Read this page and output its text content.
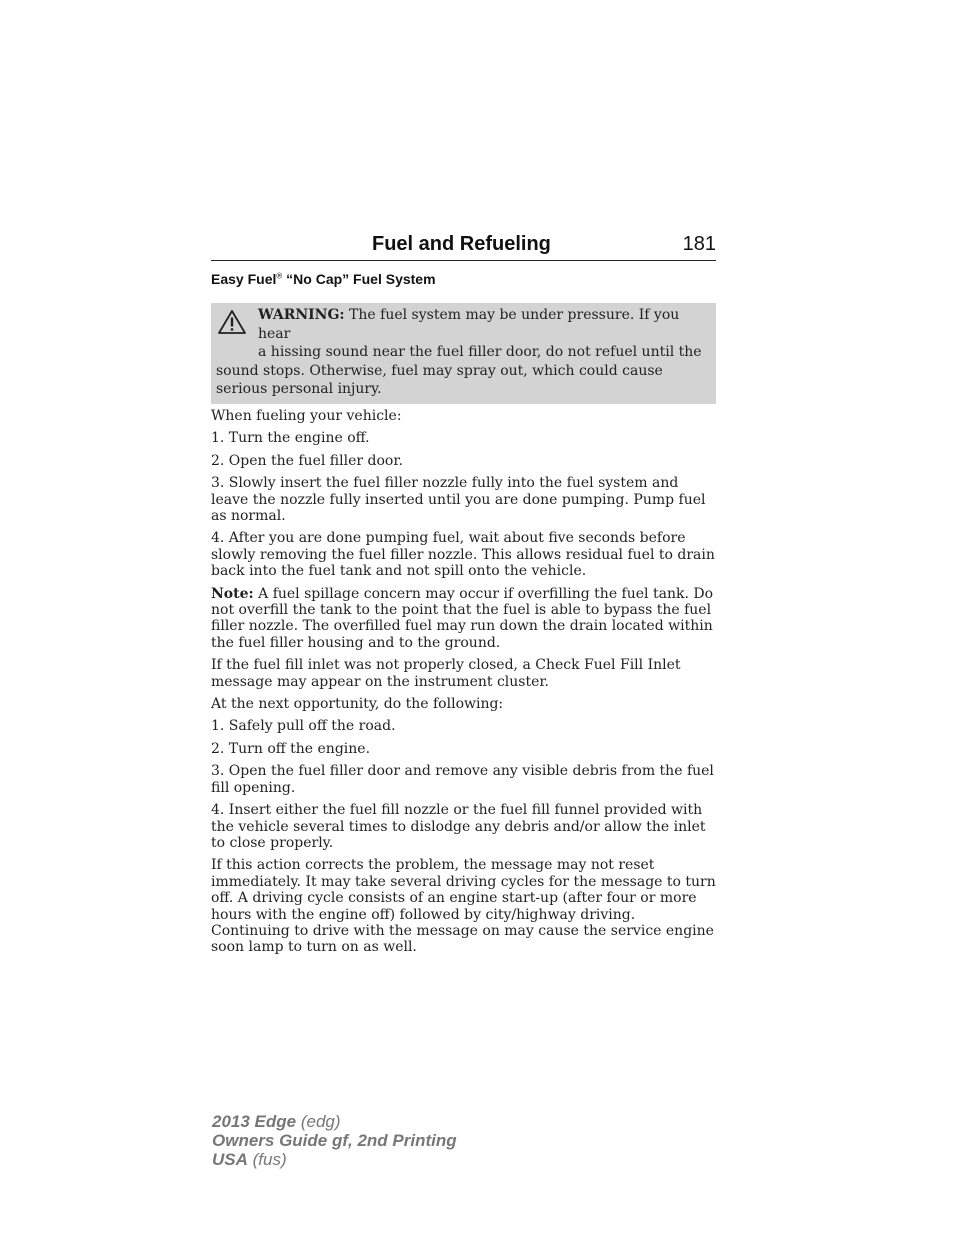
Fuel and Refueling	181
Easy Fuel® “No Cap” Fuel System
WARNING: The fuel system may be under pressure. If you hear
a hissing sound near the fuel filler door, do not refuel until the sound stops. Otherwise, fuel may spray out, which could cause serious personal injury.

When fueling your vehicle:

1. Turn the engine off.

2. Open the fuel filler door.

3. Slowly insert the fuel filler nozzle fully into the fuel system and leave the nozzle fully inserted until you are done pumping. Pump fuel as normal.

4. After you are done pumping fuel, wait about five seconds before slowly removing the fuel filler nozzle. This allows residual fuel to drain back into the fuel tank and not spill onto the vehicle.

Note: A fuel spillage concern may occur if overfilling the fuel tank. Do not overfill the tank to the point that the fuel is able to bypass the fuel filler nozzle. The overfilled fuel may run down the drain located within the fuel filler housing and to the ground.

If the fuel fill inlet was not properly closed, a Check Fuel Fill Inlet message may appear on the instrument cluster.

At the next opportunity, do the following:

1. Safely pull off the road.

2. Turn off the engine.

3. Open the fuel filler door and remove any visible debris from the fuel fill opening.

4. Insert either the fuel fill nozzle or the fuel fill funnel provided with the vehicle several times to dislodge any debris and/or allow the inlet to close properly.

If this action corrects the problem, the message may not reset immediately. It may take several driving cycles for the message to turn off. A driving cycle consists of an engine start-up (after four or more hours with the engine off) followed by city/highway driving. Continuing to drive with the message on may cause the service engine soon lamp to turn on as well.

2013 Edge (edg)
Owners Guide gf, 2nd Printing
USA (fus)
